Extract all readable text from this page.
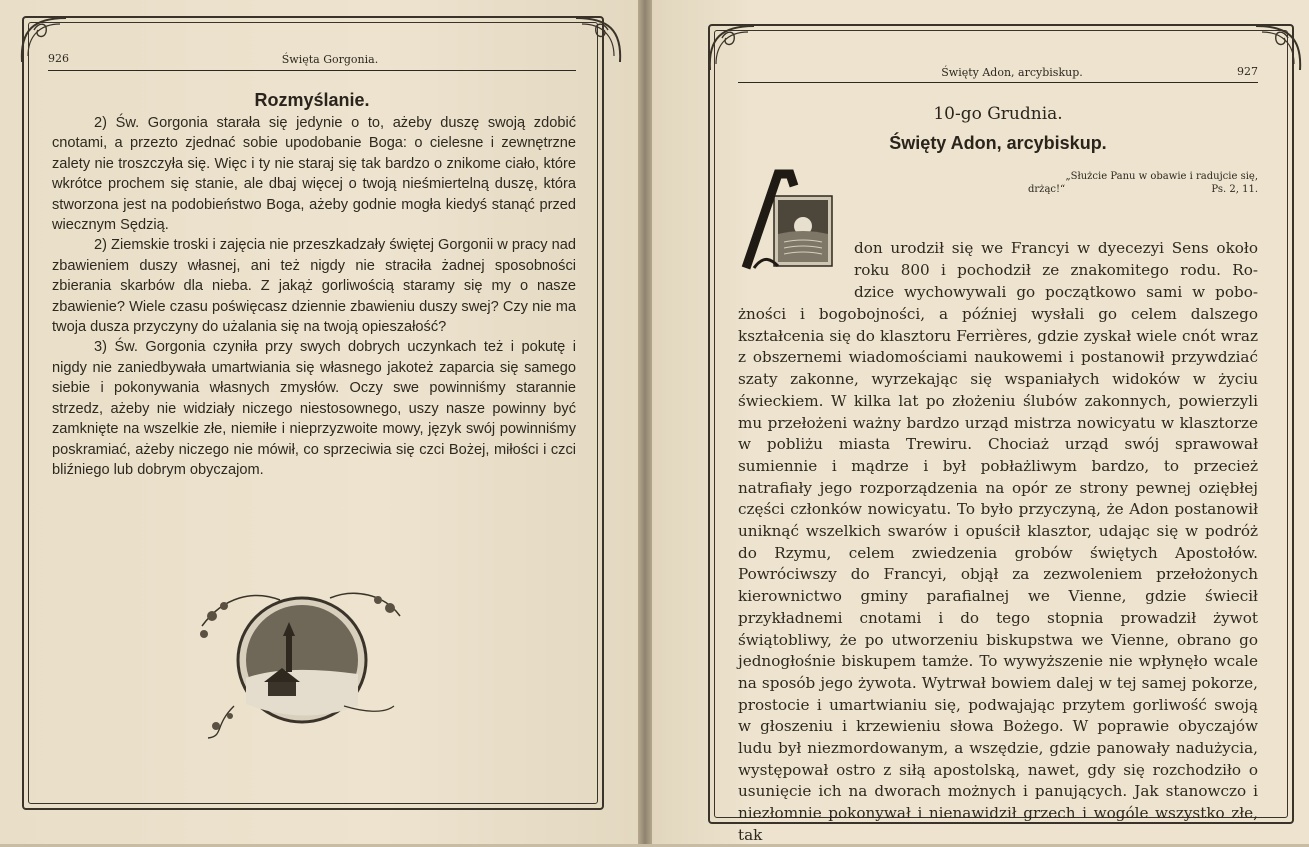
926	Święta Gorgonia.
Rozmyślanie.

2) Św. Gorgonia starała się jedynie o to, ażeby duszę swoją zdobić cnotami, a przezto zjednać sobie upodobanie Boga: o cielesne i zewnętrzne zalety nie troszczyła się. Więc i ty nie staraj się tak bardzo o znikome ciało, które wkrótce prochem się stanie, ale dbaj więcej o twoją nieśmiertelną duszę, która stworzona jest na podobieństwo Boga, ażeby godnie mogła kiedyś stanąć przed wiecznym Sędzią.

2) Ziemskie troski i zajęcia nie przeszkadzały świętej Gorgonii w pracy nad zbawieniem duszy własnej, ani też nigdy nie straciła żadnej sposobności zbierania skarbów dla nieba. Z jakąż gorliwością staramy się my o nasze zbawienie? Wiele czasu poświęcasz dziennie zbawieniu duszy swej? Czy nie ma twoja dusza przyczyny do użalania się na twoją opieszałość?

3) Św. Gorgonia czyniła przy swych dobrych uczynkach też i pokutę i nigdy nie zaniedbywała umartwiania się własnego jakoteż zaparcia się samego siebie i pokonywania własnych zmysłów. Oczy swe powinniśmy starannie strzedz, ażeby nie widziały niczego niestosownego, uszy nasze powinny być zamknięte na wszelkie złe, niemiłe i nieprzyzwoite mowy, język swój powinniśmy poskramiać, ażeby niczego nie mówił, co sprzeciwia się czci Bożej, miłości i czci bliźniego lub dobrym obyczajom.

Święty Adon, arcybiskup.	927
10-go Grudnia.
Święty Adon, arcybiskup.
„Służcie Panu w obawie i radujcie się,
drżąc!“	Ps. 2, 11.
don urodził się we Francyi w dyecezyi Sens około
roku 800 i pochodził ze znakomitego rodu. Ro-
dzice wychowywali go początkowo sami w pobo-
żności i bogobojności, a później wysłali go celem dalszego kształcenia się do klasztoru Ferrières, gdzie zyskał wiele cnót wraz z obszernemi wiadomościami naukowemi i postanowił przywdziać szaty zakonne, wyrzekając się wspaniałych widoków w życiu świeckiem. W kilka lat po złożeniu ślubów zakonnych, powierzyli mu przełożeni ważny bardzo urząd mistrza nowicyatu w klasztorze w pobliżu miasta Trewiru. Chociaż urząd swój sprawował sumiennie i mądrze i był pobłażliwym bardzo, to przecież natrafiały jego rozporządzenia na opór ze strony pewnej oziębłej części członków nowicyatu. To było przyczyną, że Adon postanowił uniknąć wszelkich swarów i opuścił klasztor, udając się w podróż do Rzymu, celem zwiedzenia grobów świętych Apostołów. Powróciwszy do Francyi, objął za zezwoleniem przełożonych kierownictwo gminy parafialnej we Vienne, gdzie świecił przykładnemi cnotami i do tego stopnia prowadził żywot świątobliwy, że po utworzeniu biskupstwa we Vienne, obrano go jednogłośnie biskupem tamże. To wywyższenie nie wpłynęło wcale na sposób jego żywota. Wytrwał bowiem dalej w tej samej pokorze, prostocie i umartwianiu się, podwajając przytem gorliwość swoją w głoszeniu i krzewieniu słowa Bożego. W poprawie obyczajów ludu był niezmordowanym, a wszędzie, gdzie panowały nadużycia, występował ostro z siłą apostolską, nawet, gdy się rozchodziło o usunięcie ich na dworach możnych i panujących. Jak stanowczo i niezłomnie pokonywał i nienawidził grzech i wogóle wszystko złe, tak
